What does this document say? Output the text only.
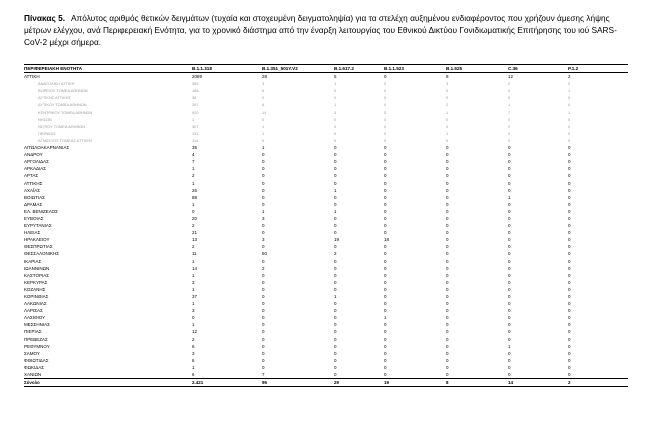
Πίνακας 5. Απόλυτος αριθμός θετικών δειγμάτων (τυχαία και στοχευμένη δειγματοληψία) για τα στελέχη αυξημένου ενδιαφέροντος που χρήζουν άμεσης λήψης μέτρων ελέγχου, ανά Περιφερειακή Ενότητα, για το χρονικό διάστημα από την έναρξη λειτουργίας του Εθνικού Δικτύου Γονιδιωματικής Επιτήρησης του ιού SARS-CoV-2 μέχρι σήμερα.
ΠΕΡΙΦΕΡΕΙΑΚΗ ΕΝΟΤΗΤΑ	B.1.1.318	B.1.351_501Y.V2	B.1.617.2	B.1.1.523	B.1.525	C.36	P.1.2
ΑΤΤΙΚΗ	2089	28	5	0	8	12	2
ΑΝΑΤΟΛΙΚΗ ΑΤΤΙΚΗ	359	3	1	0	3	2	0
ΒΟΡΕΙΟΥ ΤΟΜΕΑ ΑΘΗΝΩΝ	186	5	0	0	0	0	1
ΔΥΤΙΚΗΣ ΑΤΤΙΚΗΣ	38	0	0	0	0	0	0
ΔΥΤΙΚΟΥ ΤΟΜΕΑ ΑΘΗΝΩΝ	267	6	1	0	2	1	0
ΚΕΝΤΡΙΚΟΥ ΤΟΜΕΑ ΑΘΗΝΩΝ	920	14	3	0	1	7	1
ΝΗΣΩΝ	1	0	0	0	0	0	0
ΝΟΤΙΟΥ ΤΟΜΕΑ ΑΘΗΝΩΝ	307	1	0	0	0	0	0
ΠΕΙΡΑΙΩΣ	131	1	0	0	1	0	0
ΑΓΝΩΣΤΟΣ ΤΟΜΕΑΣ ΑΤΤΙΚΗΣ	114	0	0	0	0	0	0
ΑΙΤΩΛΟΑΚΑΡΝΑΝΙΑΣ	35	1	0	0	0	0	0
ΑΝΔΡΟΥ	4	0	0	0	0	0	0
ΑΡΓΟΛΙΔΑΣ	7	0	0	0	0	0	0
ΑΡΚΑΔΙΑΣ	1	0	0	0	0	0	0
ΑΡΤΑΣ	2	0	0	0	0	0	0
ΑΤΤΙΚΗΣ	1	0	0	0	0	0	0
ΑΧΑΪΑΣ	26	0	1	0	0	0	0
ΒΟΙΩΤΙΑΣ	88	0	0	0	0	1	0
ΔΡΑΜΑΣ	1	0	0	0	0	0	0
ΕΛ. ΒΕΝΙΖΕΛΟΣ	0	1	1	0	0	0	0
ΕΥΒΟΙΑΣ	20	3	0	0	0	0	0
ΕΥΡΥΤΑΝΙΑΣ	2	0	0	0	0	0	0
ΗΛΕΙΑΣ	21	0	0	0	0	0	0
ΗΡΑΚΛΕΙΟΥ	13	3	19	18	0	0	0
ΘΕΣΠΡΩΤΙΑΣ	2	0	0	0	0	0	0
ΘΕΣΣΑΛΟΝΙΚΗΣ	11	50	2	0	0	0	0
ΙΚΑΡΙΑΣ	1	0	0	0	0	0	0
ΙΩΑΝΝΙΝΩΝ	14	2	0	0	0	0	0
ΚΑΣΤΟΡΙΑΣ	1	0	0	0	0	0	0
ΚΕΡΚΥΡΑΣ	3	0	0	0	0	0	0
ΚΟΖΑΝΗΣ	1	0	0	0	0	0	0
ΚΟΡΙΝΘΙΑΣ	37	0	1	0	0	0	0
ΛΑΚΩΝΙΑΣ	1	0	0	0	0	0	0
ΛΑΡΙΣΑΣ	3	0	0	0	0	0	0
ΛΑΣΙΘΙΟΥ	0	0	0	1	0	0	0
ΜΕΣΣΗΝΙΑΣ	1	0	0	0	0	0	0
ΠΙΕΡΙΑΣ	12	0	0	0	0	0	0
ΠΡΕΒΕΖΑΣ	2	0	0	0	0	0	0
ΡΕΘΥΜΝΟΥ	6	0	0	0	0	1	0
ΣΑΜΟΥ	3	0	0	0	0	0	0
ΦΘΙΩΤΙΔΑΣ	6	0	0	0	0	0	0
ΦΩΚΙΔΑΣ	1	0	0	0	0	0	0
ΧΑΝΙΩΝ	6	7	0	0	0	0	0
Σύνολο	2.421	95	29	19	8	14	2
